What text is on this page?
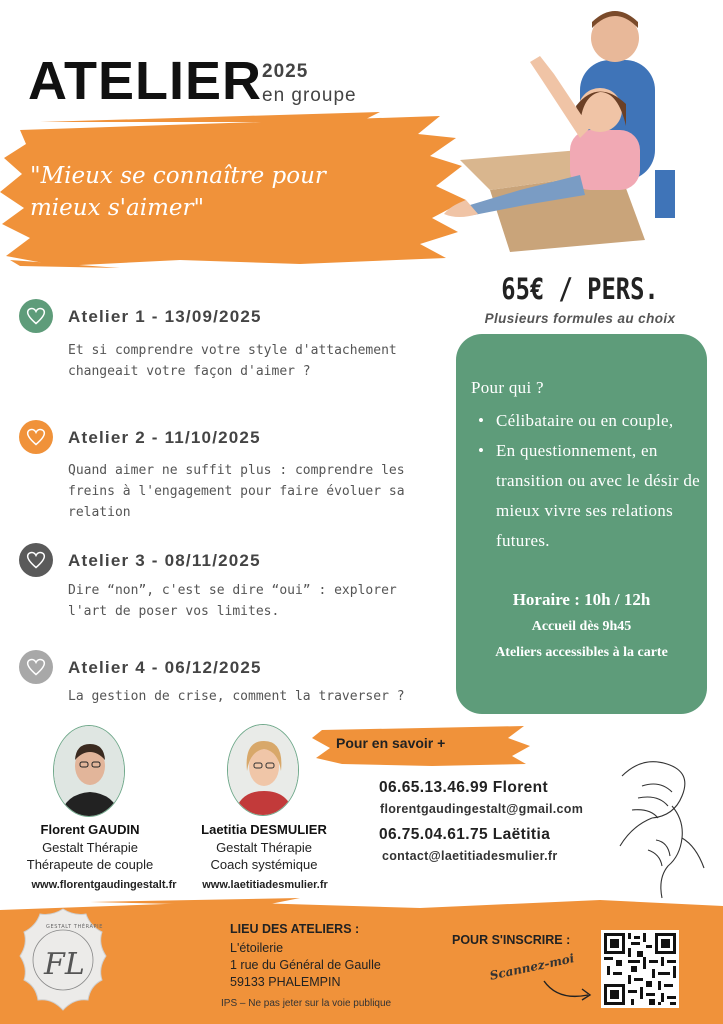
ATELIER 2025
en groupe
"Mieux se connaître pour mieux s'aimer"
65€ / PERS.
Plusieurs formules au choix
Atelier 1 - 13/09/2025
Et si comprendre votre style d'attachement changeait votre façon d'aimer ?
Atelier 2 - 11/10/2025
Quand aimer ne suffit plus : comprendre les freins à l'engagement pour faire évoluer sa relation
Atelier 3 - 08/11/2025
Dire “non”, c'est se dire “oui” : explorer l'art de poser vos limites.
Atelier 4 - 06/12/2025
La gestion de crise, comment la traverser ?
Pour qui ?
• Célibataire ou en couple,
• En questionnement, en transition ou avec le désir de mieux vivre ses relations futures.
Horaire : 10h / 12h
Accueil dès 9h45
Ateliers accessibles à la carte
Pour en savoir +
06.65.13.46.99 Florent
florentgaudingestalt@gmail.com
06.75.04.61.75 Laëtitia
contact@laetitiadesmulier.fr
Florent GAUDIN
Gestalt Thérapie
Thérapeute de couple
www.florentgaudingestalt.fr
Laetitia DESMULIER
Gestalt Thérapie
Coach systémique
www.laetitiadesmulier.fr
FL
GESTALT THÉRAPIE	LIEU DES ATELIERS :
L'étoilerie
1 rue du Général de Gaulle
59133 PHALEMPIN
IPS – Ne pas jeter sur la voie publique
POUR S'INSCRIRE :
Scannez-moi
